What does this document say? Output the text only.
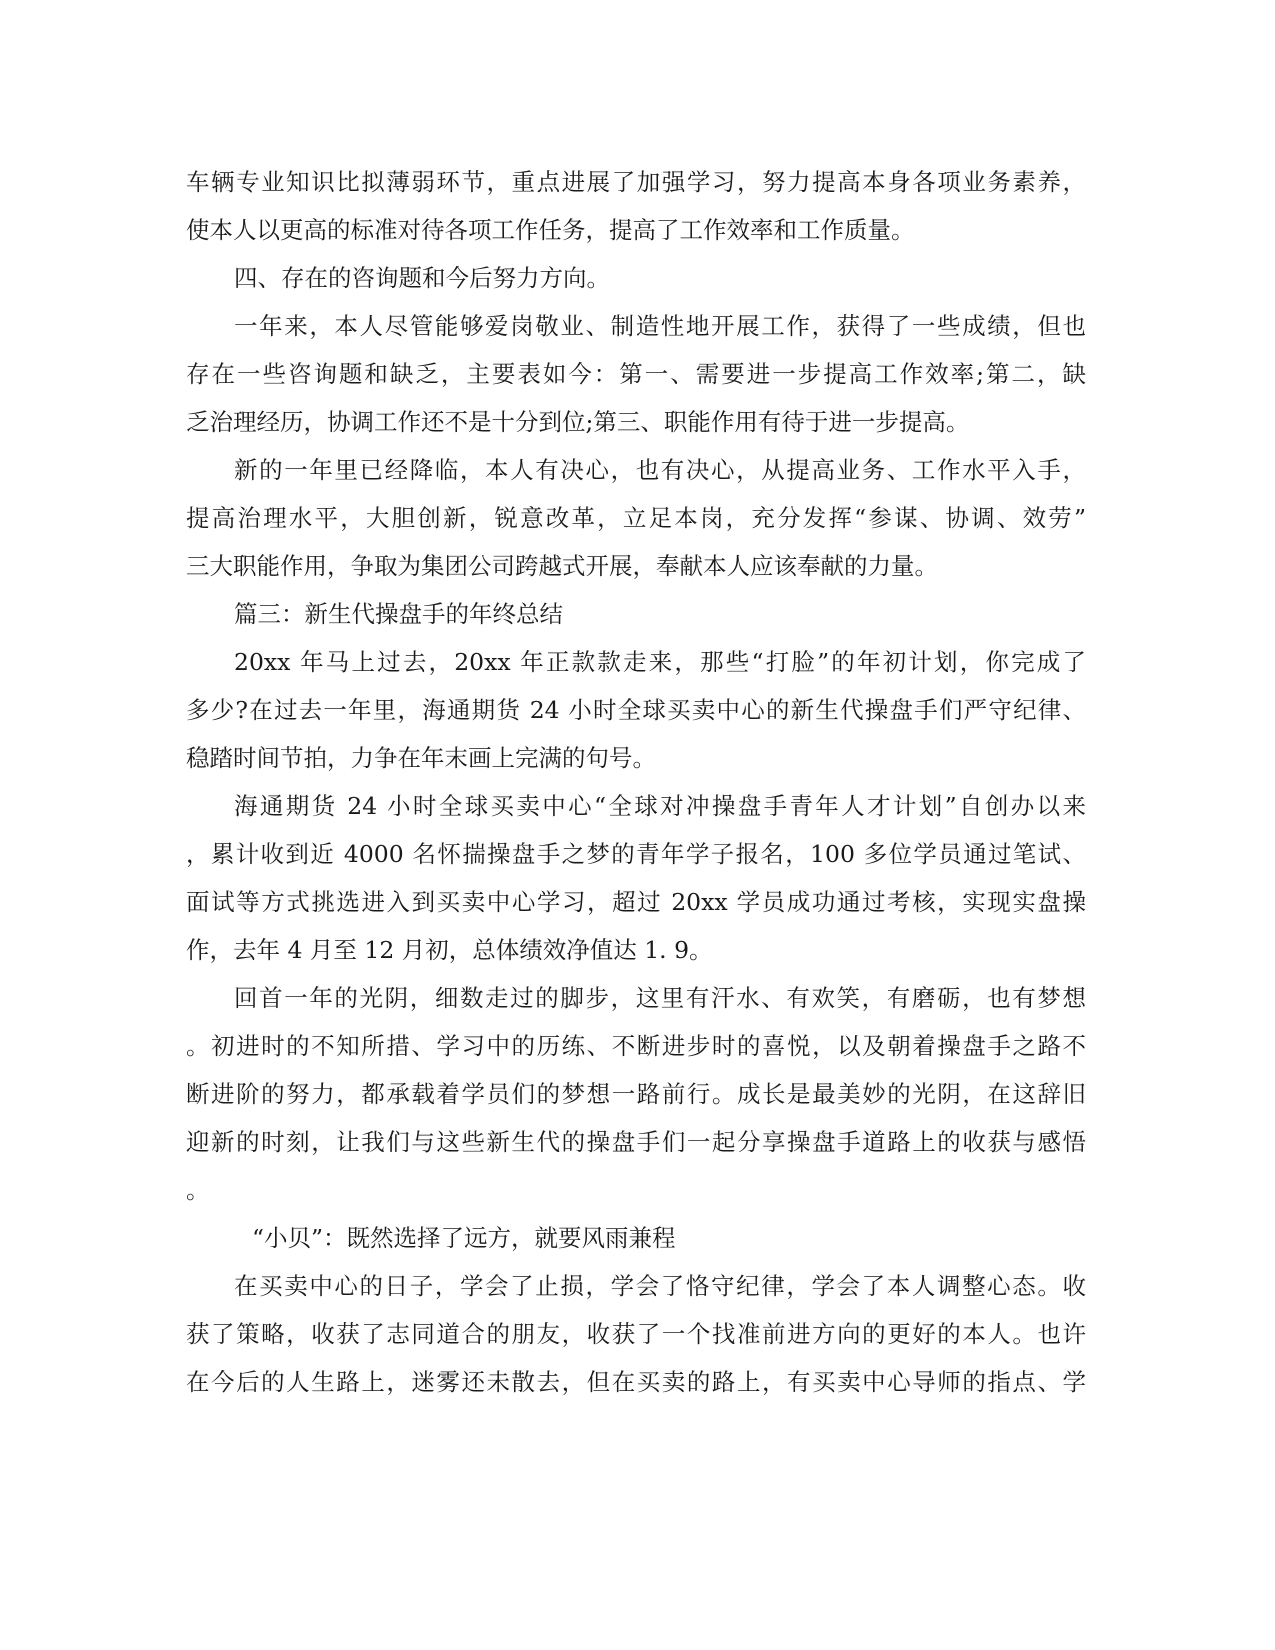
车辆专业知识比拟薄弱环节，重点进展了加强学习，努力提高本身各项业务素养，
使本人以更高的标准对待各项工作任务，提高了工作效率和工作质量。
四、存在的咨询题和今后努力方向。
一年来，本人尽管能够爱岗敬业、制造性地开展工作，获得了一些成绩，但也
存在一些咨询题和缺乏，主要表如今：第一、需要进一步提高工作效率;第二，缺
乏治理经历，协调工作还不是十分到位;第三、职能作用有待于进一步提高。
新的一年里已经降临，本人有决心，也有决心，从提高业务、工作水平入手，
提高治理水平，大胆创新，锐意改革，立足本岗，充分发挥“参谋、协调、效劳”
三大职能作用，争取为集团公司跨越式开展，奉献本人应该奉献的力量。
篇三：新生代操盘手的年终总结
20xx 年马上过去，20xx 年正款款走来，那些“打脸”的年初计划，你完成了
多少?在过去一年里，海通期货 24 小时全球买卖中心的新生代操盘手们严守纪律、
稳踏时间节拍，力争在年末画上完满的句号。
海通期货 24 小时全球买卖中心“全球对冲操盘手青年人才计划”自创办以来
，累计收到近 4000 名怀揣操盘手之梦的青年学子报名，100 多位学员通过笔试、
面试等方式挑选进入到买卖中心学习，超过 20xx 学员成功通过考核，实现实盘操
作，去年 4 月至 12 月初，总体绩效净值达 1. 9。
回首一年的光阴，细数走过的脚步，这里有汗水、有欢笑，有磨砺，也有梦想
。初进时的不知所措、学习中的历练、不断进步时的喜悦，以及朝着操盘手之路不
断进阶的努力，都承载着学员们的梦想一路前行。成长是最美妙的光阴，在这辞旧
迎新的时刻，让我们与这些新生代的操盘手们一起分享操盘手道路上的收获与感悟
。
“小贝”：既然选择了远方，就要风雨兼程
在买卖中心的日子，学会了止损，学会了恪守纪律，学会了本人调整心态。收
获了策略，收获了志同道合的朋友，收获了一个找准前进方向的更好的本人。也许
在今后的人生路上，迷雾还未散去，但在买卖的路上，有买卖中心导师的指点、学
